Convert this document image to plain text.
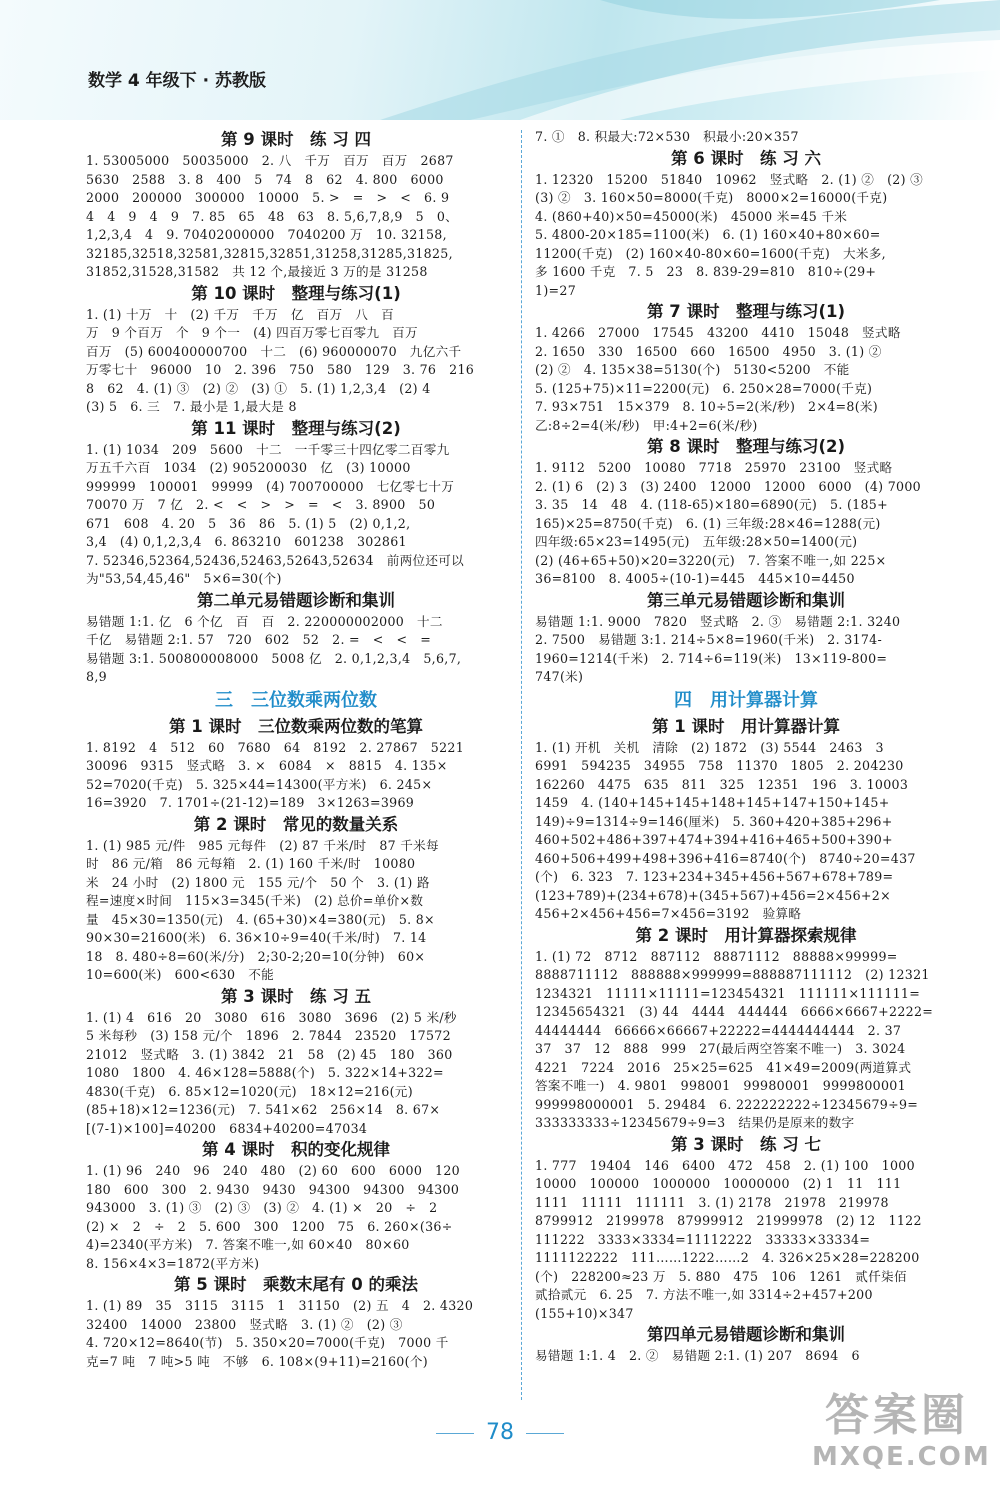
数学 4 年级下 · 苏教版
第 9 课时　练 习 四
1. 53005000　50035000　2. 八　千万　百万　百万　2687
5630　2588　3. 8　400　5　74　8　62　4. 800　6000
2000　200000　300000　10000　5. >　=　>　<　6. 9
4　4　9　4　9　7. 85　65　48　63　8. 5,6,7,8,9　5　0、
1,2,3,4　4　9. 70402000000　7040200 万　10. 32158,
32185,32518,32581,32815,32851,31258,31285,31825,
31852,31528,31582　共 12 个,最接近 3 万的是 31258
第 10 课时　整理与练习(1)
1. (1) 十万　十　(2) 千万　千万　亿　百万　八　百
万　9 个百万　个　9 个一　(4) 四百万零七百零九　百万
百万　(5) 600400000700　十二　(6) 960000070　九亿六千
万零七十　96000　10　2. 396　750　580　129　3. 76　216
8　62　4. (1) ③　(2) ②　(3) ①　5. (1) 1,2,3,4　(2) 4
(3) 5　6. 三　7. 最小是 1,最大是 8
第 11 课时　整理与练习(2)
1. (1) 1034　209　5600　十二　一千零三十四亿零二百零九
万五千六百　1034　(2) 905200030　亿　(3) 10000
999999　100001　99999　(4) 700700000　七亿零七十万
70070 万　7 亿　2. <　<　>　>　=　<　3. 8900　50
671　608　4. 20　5　36　86　5. (1) 5　(2) 0,1,2,
3,4　(4) 0,1,2,3,4　6. 863210　601238　302861
7. 52346,52364,52436,52463,52643,52634　前两位还可以
为"53,54,45,46"　5×6=30(个)
第二单元易错题诊断和集训
易错题 1:1. 亿　6 个亿　百　百　2. 220000002000　十二
千亿　易错题 2:1. 57　720　602　52　2. =　<　<　=
易错题 3:1. 500800008000　5008 亿　2. 0,1,2,3,4　5,6,7,
8,9
三　三位数乘两位数
第 1 课时　三位数乘两位数的笔算
1. 8192　4　512　60　7680　64　8192　2. 27867　5221
30096　9315　竖式略　3. ×　6084　×　8815　4. 135×
52=7020(千克)　5. 325×44=14300(平方米)　6. 245×
16=3920　7. 1701÷(21-12)=189　3×1263=3969
第 2 课时　常见的数量关系
1. (1) 985 元/件　985 元每件　(2) 87 千米/时　87 千米每
时　86 元/箱　86 元每箱　2. (1) 160 千米/时　10080
米　24 小时　(2) 1800 元　155 元/个　50 个　3. (1) 路
程=速度×时间　115×3=345(千米)　(2) 总价=单价×数
量　45×30=1350(元)　4. (65+30)×4=380(元)　5. 8×
90×30=21600(米)　6. 36×10÷9=40(千米/时)　7. 14
18　8. 480÷8=60(米/分)　2;30-2;20=10(分钟)　60×
10=600(米)　600<630　不能
第 3 课时　练 习 五
1. (1) 4　616　20　3080　616　3080　3696　(2) 5 米/秒
5 米每秒　(3) 158 元/个　1896　2. 7844　23520　17572
21012　竖式略　3. (1) 3842　21　58　(2) 45　180　360
1080　1800　4. 46×128=5888(个)　5. 322×14+322=
4830(千克)　6. 85×12=1020(元)　18×12=216(元)
(85+18)×12=1236(元)　7. 541×62　256×14　8. 67×
[(7-1)×100]=40200　6834+40200=47034
第 4 课时　积的变化规律
1. (1) 96　240　96　240　480　(2) 60　600　6000　120
180　600　300　2. 9430　9430　94300　94300　94300
943000　3. (1) ③　(2) ③　(3) ②　4. (1) ×　20　÷　2
(2) ×　2　÷　2　5. 600　300　1200　75　6. 260×(36÷
4)=2340(平方米)　7. 答案不唯一,如 60×40　80×60
8. 156×4×3=1872(平方米)
第 5 课时　乘数末尾有 0 的乘法
1. (1) 89　35　3115　3115　1　31150　(2) 五　4　2. 4320
32400　14000　23800　竖式略　3. (1) ②　(2) ③
4. 720×12=8640(节)　5. 350×20=7000(千克)　7000 千
克=7 吨　7 吨>5 吨　不够　6. 108×(9+11)=2160(个)
7. ①　8. 积最大:72×530　积最小:20×357
第 6 课时　练 习 六
1. 12320　15200　51840　10962　竖式略　2. (1) ②　(2) ③
(3) ②　3. 160×50=8000(千克)　8000×2=16000(千克)
4. (860+40)×50=45000(米)　45000 米=45 千米
5. 4800-20×185=1100(米)　6. (1) 160×40+80×60=
11200(千克)　(2) 160×40-80×60=1600(千克)　大米多,
多 1600 千克　7. 5　23　8. 839-29=810　810÷(29+
1)=27
第 7 课时　整理与练习(1)
1. 4266　27000　17545　43200　4410　15048　竖式略
2. 1650　330　16500　660　16500　4950　3. (1) ②
(2) ②　4. 135×38=5130(个)　5130<5200　不能
5. (125+75)×11=2200(元)　6. 250×28=7000(千克)
7. 93×751　15×379　8. 10÷5=2(米/秒)　2×4=8(米)
乙:8÷2=4(米/秒)　甲:4+2=6(米/秒)
第 8 课时　整理与练习(2)
1. 9112　5200　10080　7718　25970　23100　竖式略
2. (1) 6　(2) 3　(3) 2400　12000　12000　6000　(4) 7000
3. 35　14　48　4. (118-65)×180=6890(元)　5. (185+
165)×25=8750(千克)　6. (1) 三年级:28×46=1288(元)
四年级:65×23=1495(元)　五年级:28×50=1400(元)
(2) (46+65+50)×20=3220(元)　7. 答案不唯一,如 225×
36=8100　8. 4005÷(10-1)=445　445×10=4450
第三单元易错题诊断和集训
易错题 1:1. 9000　7820　竖式略　2. ③　易错题 2:1. 3240
2. 7500　易错题 3:1. 214÷5×8=1960(千米)　2. 3174-
1960=1214(千米)　2. 714÷6=119(米)　13×119-800=
747(米)
四　用计算器计算
第 1 课时　用计算器计算
1. (1) 开机　关机　清除　(2) 1872　(3) 5544　2463　3
6991　594235　34955　758　11370　1805　2. 204230
162260　4475　635　811　325　12351　196　3. 10003
1459　4. (140+145+145+148+145+147+150+145+
149)÷9=1314÷9=146(厘米)　5. 360+420+385+296+
460+502+486+397+474+394+416+465+500+390+
460+506+499+498+396+416=8740(个)　8740÷20=437
(个)　6. 323　7. 123+234+345+456+567+678+789=
(123+789)+(234+678)+(345+567)+456=2×456+2×
456+2×456+456=7×456=3192　验算略
第 2 课时　用计算器探索规律
1. (1) 72　8712　887112　88871112　88888×99999=
8888711112　888888×999999=888887111112　(2) 12321
1234321　11111×11111=123454321　111111×111111=
12345654321　(3) 44　4444　444444　6666×6667+2222=
44444444　66666×66667+22222=4444444444　2. 37
37　37　12　888　999　27(最后两空答案不唯一)　3. 3024
4221　7224　2016　25×25=625　41×49=2009(两道算式
答案不唯一)　4. 9801　998001　99980001　9999800001
999998000001　5. 29484　6. 222222222÷12345679÷9=
333333333÷12345679÷9=3　结果仍是原来的数字
第 3 课时　练 习 七
1. 777　19404　146　6400　472　458　2. (1) 100　1000
10000　100000　1000000　10000000　(2) 1　11　111
1111　11111　111111　3. (1) 2178　21978　219978
8799912　2199978　87999912　21999978　(2) 12　1122
111222　3333×3334=11112222　33333×33334=
1111122222　111……1222……2　4. 326×25×28=228200
(个)　228200≈23 万　5. 880　475　106　1261　贰仟柒佰
贰拾贰元　6. 25　7. 方法不唯一,如 3314÷2+457+200
(155+10)×347
第四单元易错题诊断和集训
易错题 1:1. 4　2. ②　易错题 2:1. (1) 207　8694　6
78	答案圈
MXQE.COM
